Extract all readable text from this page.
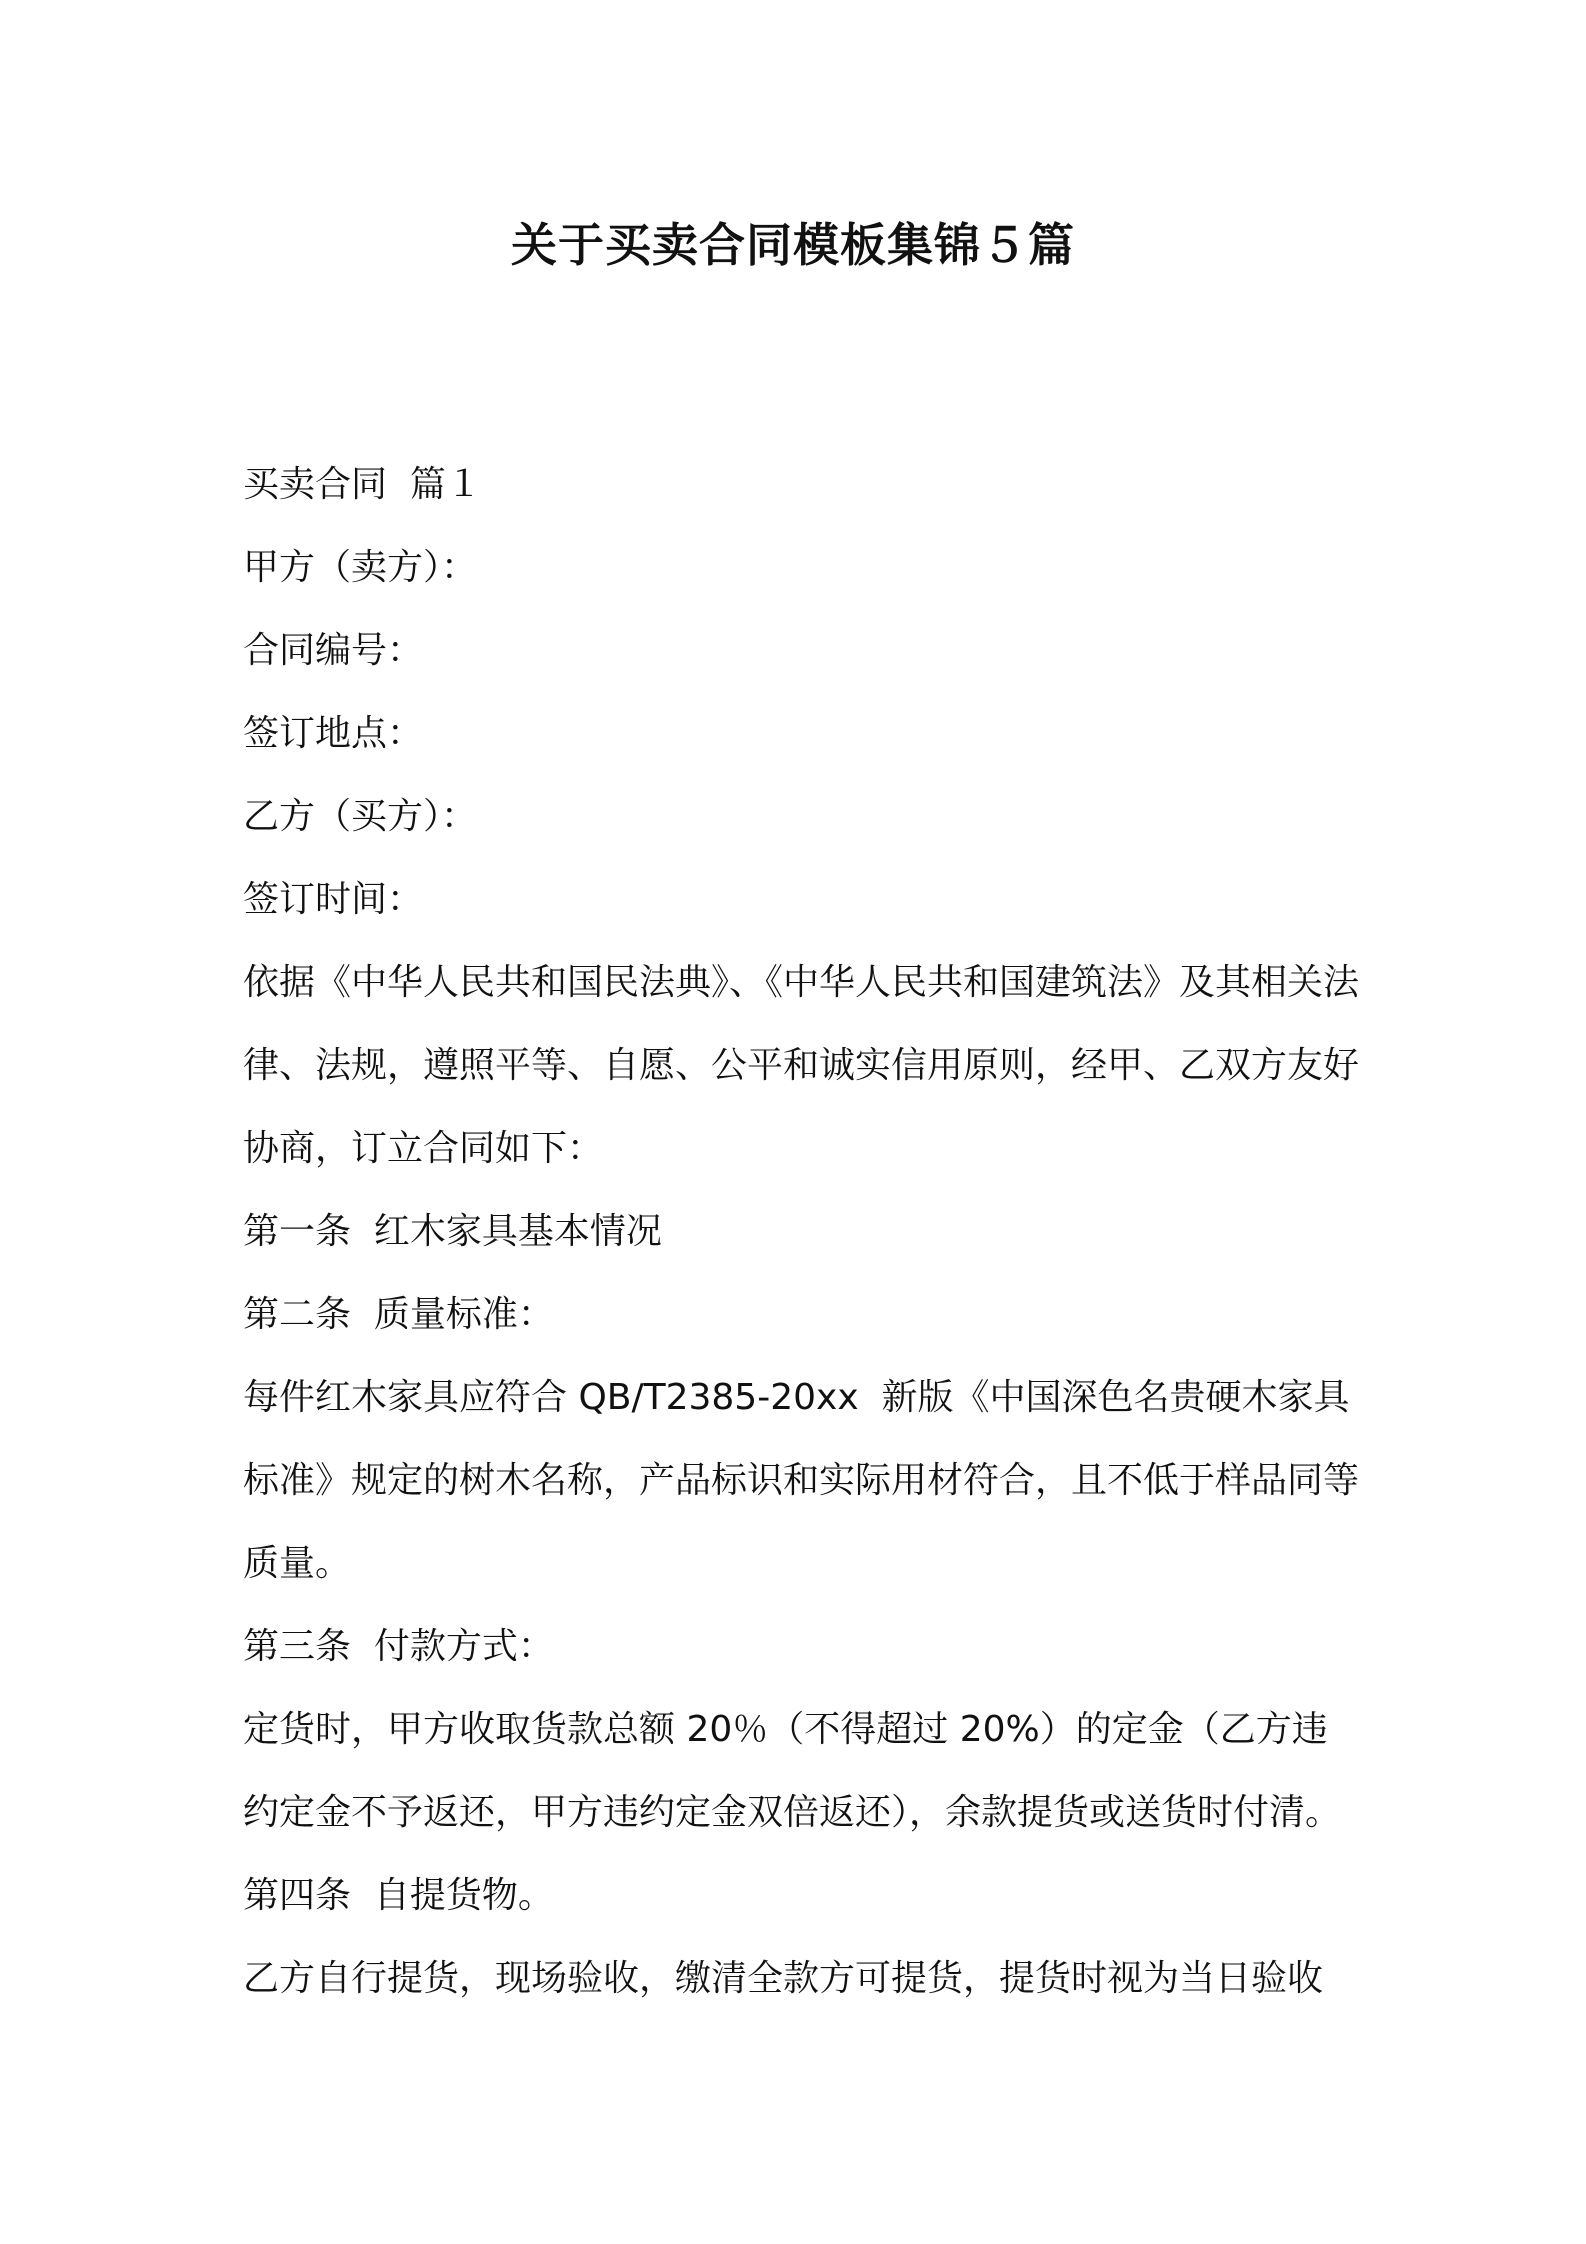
关于买卖合同模板集锦５篇

买卖合同  篇１

甲方（卖方）：

合同编号：

签订地点：

乙方（买方）：

签订时间：

依据《中华人民共和国民法典》、《中华人民共和国建筑法》及其相关法律、法规，遵照平等、自愿、公平和诚实信用原则，经甲、乙双方友好协商，订立合同如下：

第一条  红木家具基本情况

第二条  质量标准：

每件红木家具应符合 QB/T2385-20xx  新版《中国深色名贵硬木家具标准》规定的树木名称，产品标识和实际用材符合，且不低于样品同等质量。

第三条  付款方式：

定货时，甲方收取货款总额 20％（不得超过 20%）的定金（乙方违约定金不予返还，甲方违约定金双倍返还），余款提货或送货时付清。

第四条  自提货物。

乙方自行提货，现场验收，缴清全款方可提货，提货时视为当日验收
